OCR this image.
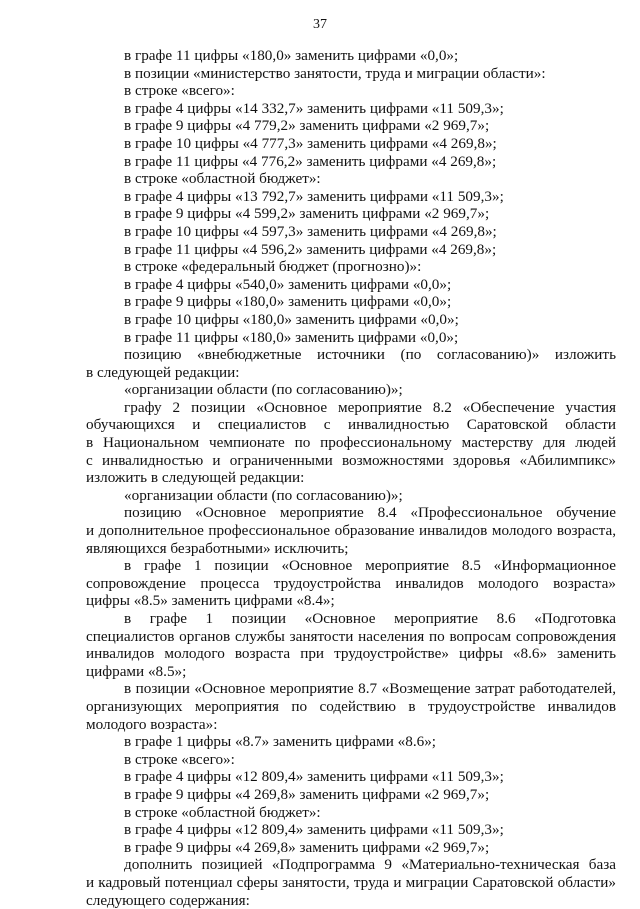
37
в графе 11 цифры «180,0» заменить цифрами «0,0»;
в позиции «министерство занятости, труда и миграции области»:
в строке «всего»:
в графе 4 цифры «14 332,7» заменить цифрами «11 509,3»;
в графе 9 цифры «4 779,2» заменить цифрами «2 969,7»;
в графе 10 цифры «4 777,3» заменить цифрами «4 269,8»;
в графе 11 цифры «4 776,2» заменить цифрами «4 269,8»;
в строке «областной бюджет»:
в графе 4 цифры «13 792,7» заменить цифрами «11 509,3»;
в графе 9 цифры «4 599,2» заменить цифрами «2 969,7»;
в графе 10 цифры «4 597,3» заменить цифрами «4 269,8»;
в графе 11 цифры «4 596,2» заменить цифрами «4 269,8»;
в строке «федеральный бюджет (прогнозно)»:
в графе 4 цифры «540,0» заменить цифрами «0,0»;
в графе 9 цифры «180,0» заменить цифрами «0,0»;
в графе 10 цифры «180,0» заменить цифрами «0,0»;
в графе 11 цифры «180,0» заменить цифрами «0,0»;
позицию «внебюджетные источники (по согласованию)» изложить
в следующей редакции:
«организации области (по согласованию)»;
графу 2 позиции «Основное мероприятие 8.2 «Обеспечение участия
обучающихся и специалистов с инвалидностью Саратовской области
в Национальном чемпионате по профессиональному мастерству для людей
с инвалидностью и ограниченными возможностями здоровья «Абилимпикс»
изложить в следующей редакции:
«организации области (по согласованию)»;
позицию «Основное мероприятие 8.4 «Профессиональное обучение
и дополнительное профессиональное образование инвалидов молодого возраста,
являющихся безработными» исключить;
в графе 1 позиции «Основное мероприятие 8.5 «Информационное
сопровождение процесса трудоустройства инвалидов молодого возраста»
цифры «8.5» заменить цифрами «8.4»;
в графе 1 позиции «Основное мероприятие 8.6 «Подготовка
специалистов органов службы занятости населения по вопросам сопровождения
инвалидов молодого возраста при трудоустройстве» цифры «8.6» заменить
цифрами «8.5»;
в позиции «Основное мероприятие 8.7 «Возмещение затрат работодателей,
организующих мероприятия по содействию в трудоустройстве инвалидов
молодого возраста»:
в графе 1 цифры «8.7» заменить цифрами «8.6»;
в строке «всего»:
в графе 4 цифры «12 809,4» заменить цифрами «11 509,3»;
в графе 9 цифры «4 269,8» заменить цифрами «2 969,7»;
в строке «областной бюджет»:
в графе 4 цифры «12 809,4» заменить цифрами «11 509,3»;
в графе 9 цифры «4 269,8» заменить цифрами «2 969,7»;
дополнить позицией «Подпрограмма 9 «Материально-техническая база
и кадровый потенциал сферы занятости, труда и миграции Саратовской области»
следующего содержания:
